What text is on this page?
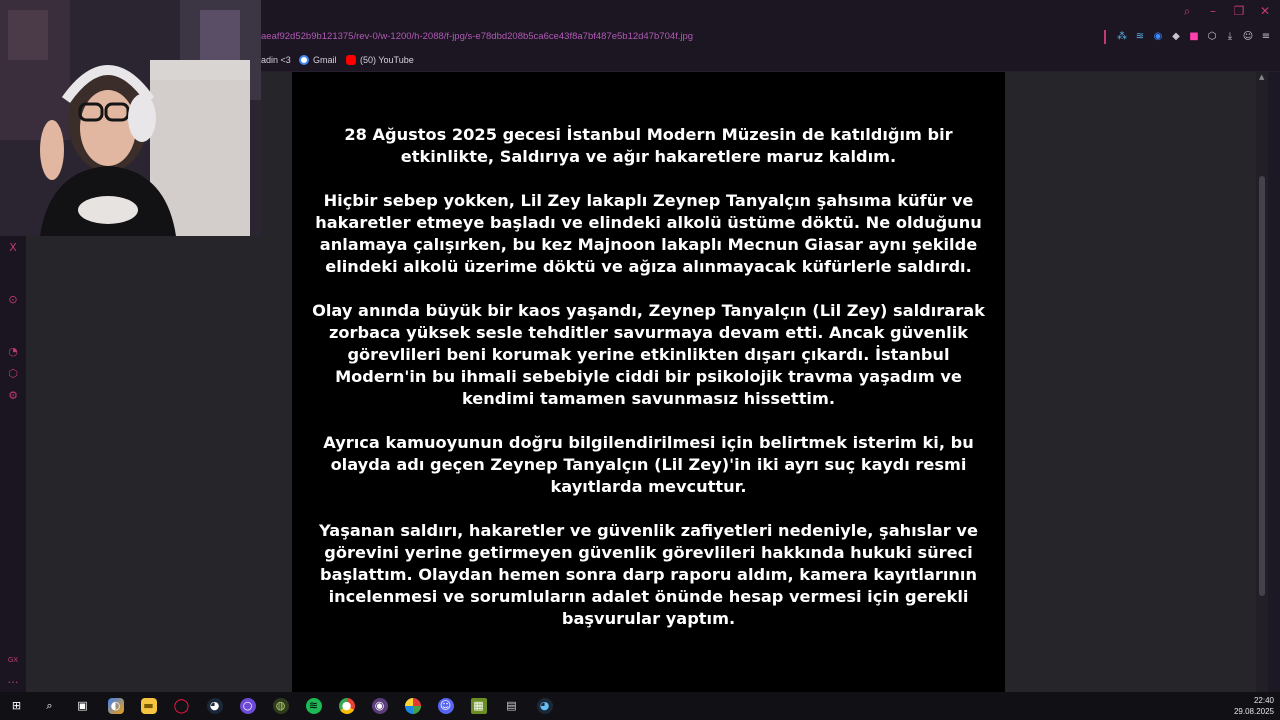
⌕	–	❐ ✕
aeaf92d52b9b121375/rev-0/w-1200/h-2088/f-jpg/s-e78dbd208b5ca6ce43f8a7bf487e5b12d47b704f.jpg	⁂ ≋ ◉ ◆ ■ ⬡	⤓	☺ ≡
adin <3 Gmail	(50) YouTube
X
⊙
◔
⬡
⚙
GX
…

28 Ağustos 2025 gecesi İstanbul Modern Müzesin de katıldığım bir etkinlikte, Saldırıya ve ağır hakaretlere maruz kaldım.

Hiçbir sebep yokken, Lil Zey lakaplı Zeynep Tanyalçın şahsıma küfür ve hakaretler etmeye başladı ve elindeki alkolü üstüme döktü. Ne olduğunu anlamaya çalışırken, bu kez Majnoon lakaplı Mecnun Giasar aynı şekilde elindeki alkolü üzerime döktü ve ağıza alınmayacak küfürlerle saldırdı.

Olay anında büyük bir kaos yaşandı, Zeynep Tanyalçın (Lil Zey) saldırarak zorbaca yüksek sesle tehditler savurmaya devam etti. Ancak güvenlik görevlileri beni korumak yerine etkinlikten dışarı çıkardı. İstanbul Modern'in bu ihmali sebebiyle ciddi bir psikolojik travma yaşadım ve kendimi tamamen savunmasız hissettim.

Ayrıca kamuoyunun doğru bilgilendirilmesi için belirtmek isterim ki, bu olayda adı geçen Zeynep Tanyalçın (Lil Zey)'in iki ayrı suç kaydı resmi kayıtlarda mevcuttur.

Yaşanan saldırı, hakaretler ve güvenlik zafiyetleri nedeniyle, şahıslar ve görevini yerine getirmeyen güvenlik görevlileri hakkında hukuki süreci başlattım. Olaydan hemen sonra darp raporu aldım, kamera kayıtlarının incelenmesi ve sorumluların adalet önünde hesap vermesi için gerekli başvurular yaptım.

▲
⊞	⌕	▣ ◐ ▬ ◯ ◕ ○ ◍	≋	● ◉	☺ ▦ ▤ ◕	22:40
29.08.2025
